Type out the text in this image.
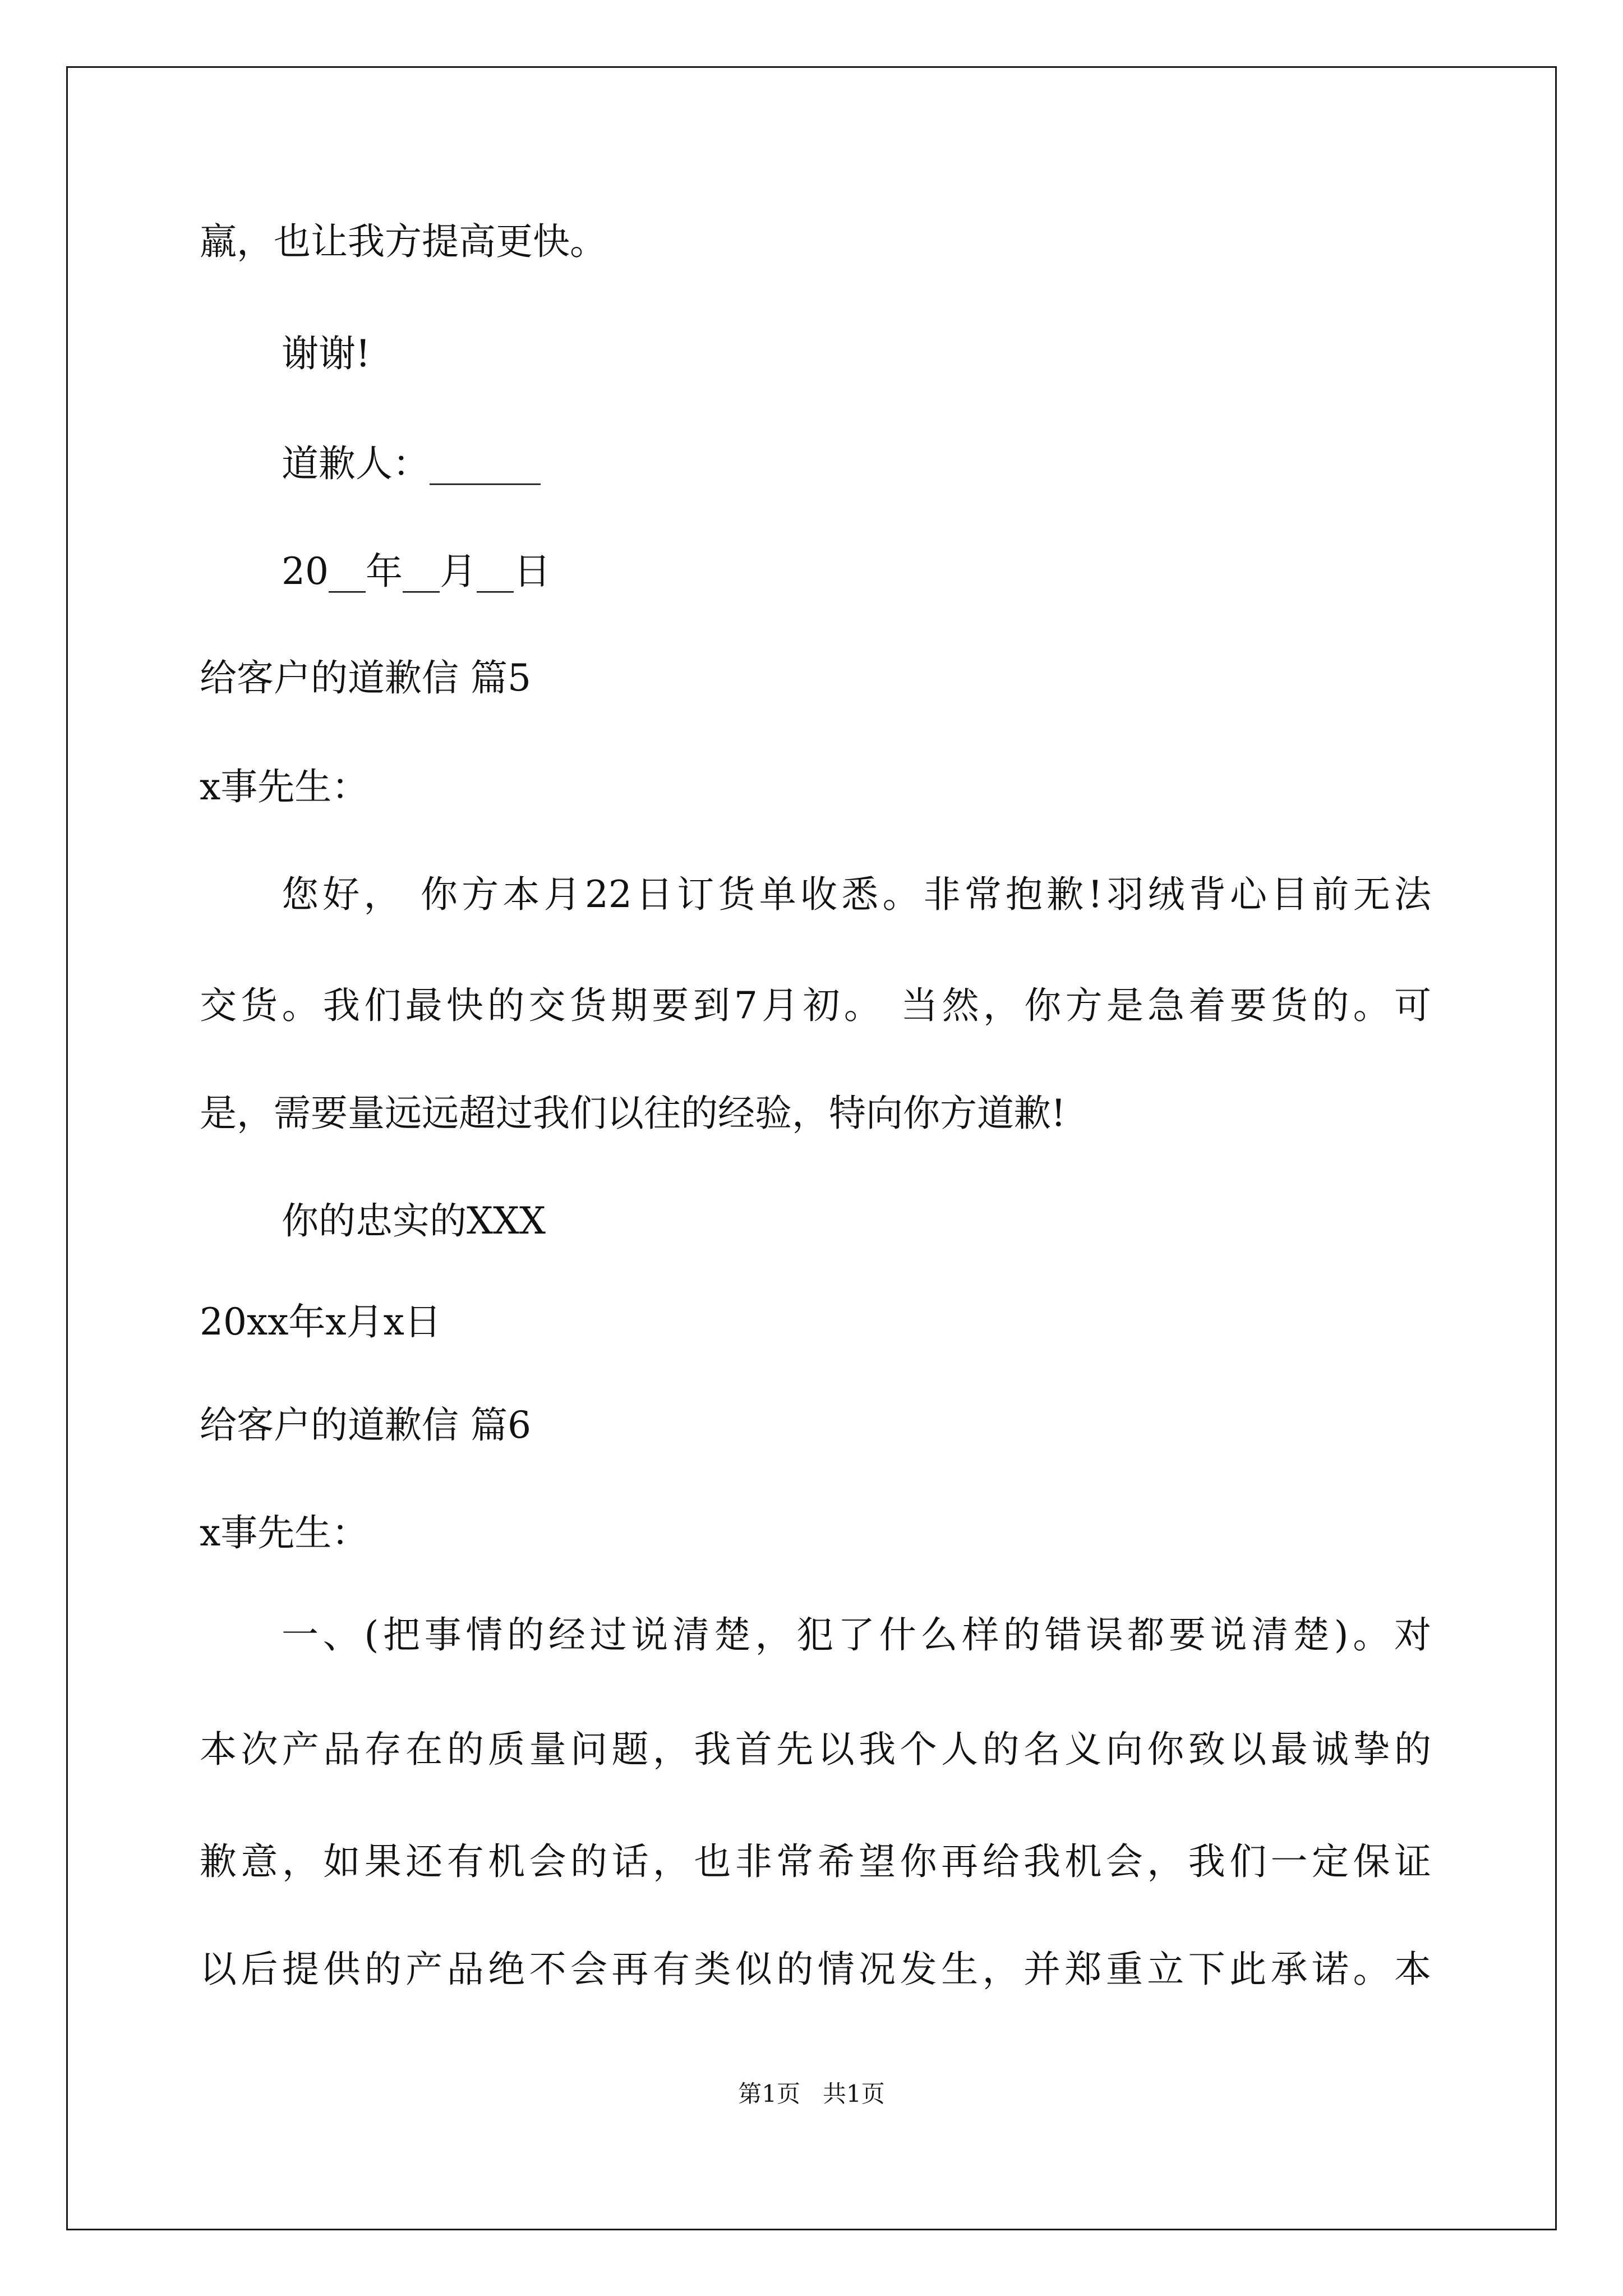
羸，也让我方提高更快。
谢谢!
道歉人：______
20__年__月__日
给客户的道歉信 篇5
x事先生：
您好， 你方本月22日订货单收悉。非常抱歉!羽绒背心目前无法
交货。我们最快的交货期要到7月初。 当然，你方是急着要货的。可
是，需要量远远超过我们以往的经验，特向你方道歉!
你的忠实的XXX
20xx年x月x日
给客户的道歉信 篇6
x事先生：
一、(把事情的经过说清楚，犯了什么样的错误都要说清楚)。对
本次产品存在的质量问题，我首先以我个人的名义向你致以最诚挚的
歉意，如果还有机会的话，也非常希望你再给我机会，我们一定保证
以后提供的产品绝不会再有类似的情况发生，并郑重立下此承诺。本
第1页   共1页
